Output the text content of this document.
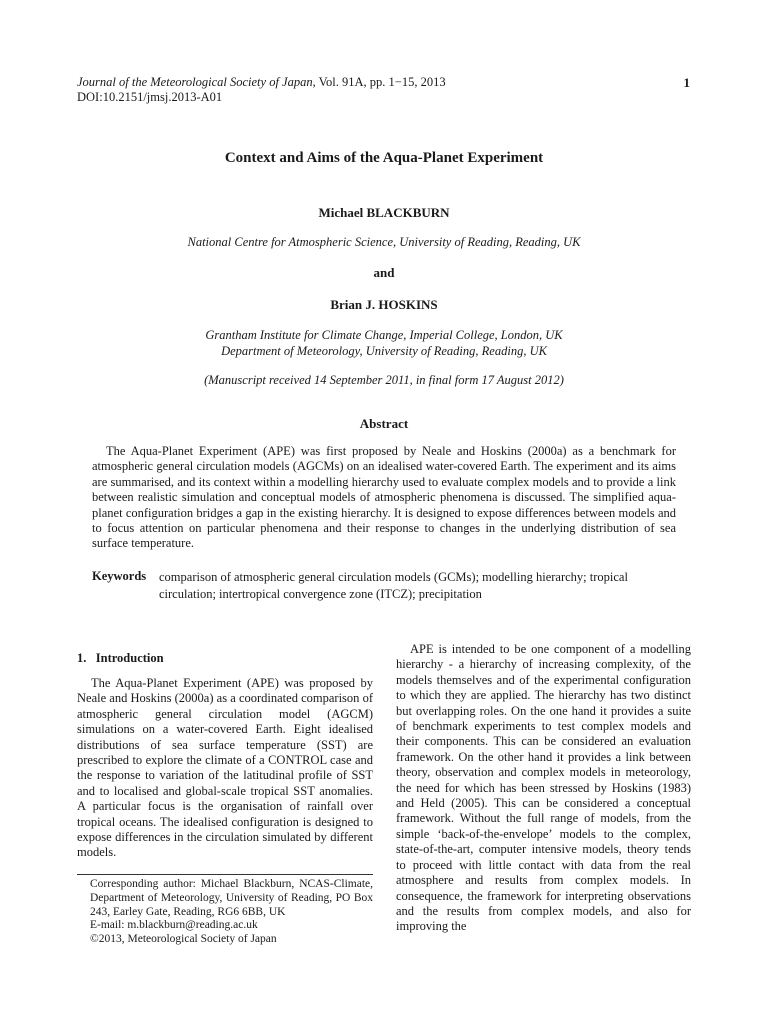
Journal of the Meteorological Society of Japan, Vol. 91A, pp. 1−15, 2013
DOI:10.2151/jmsj.2013-A01
1
Context and Aims of the Aqua-Planet Experiment
Michael BLACKBURN
National Centre for Atmospheric Science, University of Reading, Reading, UK
and
Brian J. HOSKINS
Grantham Institute for Climate Change, Imperial College, London, UK
Department of Meteorology, University of Reading, Reading, UK
(Manuscript received 14 September 2011, in final form 17 August 2012)
Abstract
The Aqua-Planet Experiment (APE) was first proposed by Neale and Hoskins (2000a) as a benchmark for atmospheric general circulation models (AGCMs) on an idealised water-covered Earth. The experiment and its aims are summarised, and its context within a modelling hierarchy used to evaluate complex models and to provide a link between realistic simulation and conceptual models of atmospheric phenomena is discussed. The simplified aqua-planet configuration bridges a gap in the existing hierarchy. It is designed to expose differences between models and to focus attention on particular phenomena and their response to changes in the underlying distribution of sea surface temperature.
Keywords comparison of atmospheric general circulation models (GCMs); modelling hierarchy; tropical circulation; intertropical convergence zone (ITCZ); precipitation
1.   Introduction
The Aqua-Planet Experiment (APE) was proposed by Neale and Hoskins (2000a) as a coordinated comparison of atmospheric general circulation model (AGCM) simulations on a water-covered Earth. Eight idealised distributions of sea surface temperature (SST) are prescribed to explore the climate of a CONTROL case and the response to variation of the latitudinal profile of SST and to localised and global-scale tropical SST anomalies. A particular focus is the organisation of rainfall over tropical oceans. The idealised configuration is designed to expose differences in the circulation simulated by different models.
Corresponding author: Michael Blackburn, NCAS-Climate, Department of Meteorology, University of Reading, PO Box 243, Earley Gate, Reading, RG6 6BB, UK
E-mail: m.blackburn@reading.ac.uk
©2013, Meteorological Society of Japan
APE is intended to be one component of a modelling hierarchy - a hierarchy of increasing complexity, of the models themselves and of the experimental configuration to which they are applied. The hierarchy has two distinct but overlapping roles. On the one hand it provides a suite of benchmark experiments to test complex models and their components. This can be considered an evaluation framework. On the other hand it provides a link between theory, observation and complex models in meteorology, the need for which has been stressed by Hoskins (1983) and Held (2005). This can be considered a conceptual framework. Without the full range of models, from the simple ‘back-of-the-envelope’ models to the complex, state-of-the-art, computer intensive models, theory tends to proceed with little contact with data from the real atmosphere and results from complex models. In consequence, the framework for interpreting observations and the results from complex models, and also for improving the
